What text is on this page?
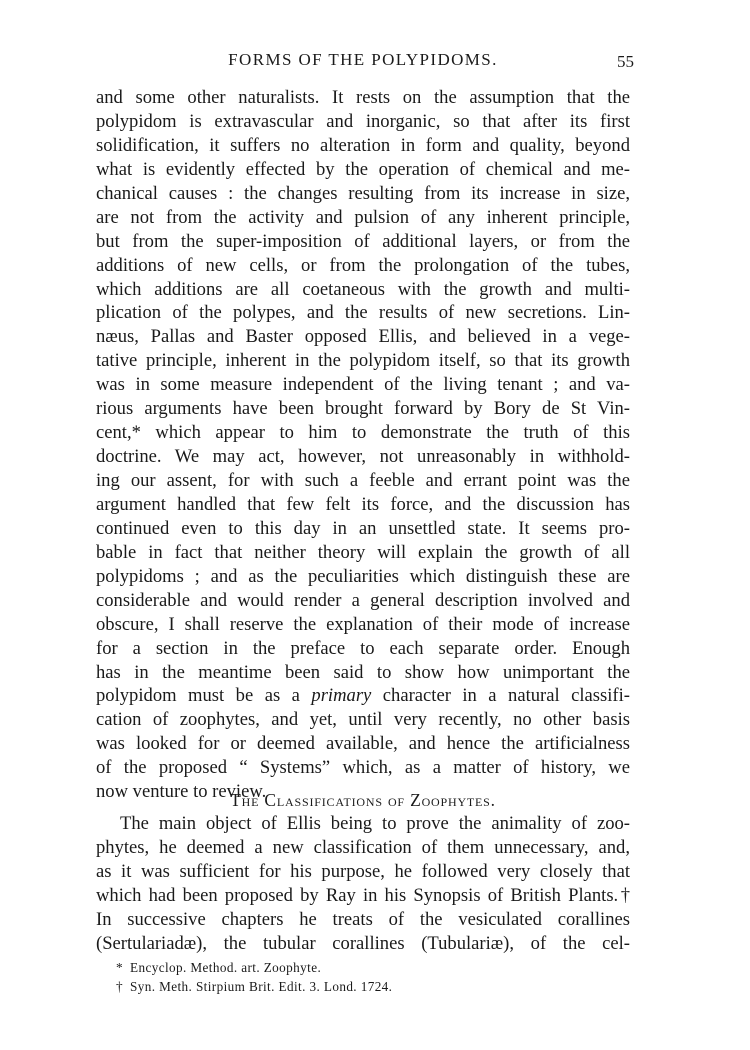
FORMS OF THE POLYPIDOMS.	55
and some other naturalists. It rests on the assumption that the
polypidom is extravascular and inorganic, so that after its first
solidification, it suffers no alteration in form and quality, beyond
what is evidently effected by the operation of chemical and me-
chanical causes : the changes resulting from its increase in size,
are not from the activity and pulsion of any inherent principle,
but from the super-imposition of additional layers, or from the
additions of new cells, or from the prolongation of the tubes,
which additions are all coetaneous with the growth and multi-
plication of the polypes, and the results of new secretions. Lin-
næus, Pallas and Baster opposed Ellis, and believed in a vege-
tative principle, inherent in the polypidom itself, so that its growth
was in some measure independent of the living tenant ; and va-
rious arguments have been brought forward by Bory de St Vin-
cent,* which appear to him to demonstrate the truth of this
doctrine. We may act, however, not unreasonably in withhold-
ing our assent, for with such a feeble and errant point was the
argument handled that few felt its force, and the discussion has
continued even to this day in an unsettled state. It seems pro-
bable in fact that neither theory will explain the growth of all
polypidoms ; and as the peculiarities which distinguish these are
considerable and would render a general description involved and
obscure, I shall reserve the explanation of their mode of increase
for a section in the preface to each separate order. Enough
has in the meantime been said to show how unimportant the
polypidom must be as a primary character in a natural classifi-
cation of zoophytes, and yet, until very recently, no other basis
was looked for or deemed available, and hence the artificialness
of the proposed “ Systems” which, as a matter of history, we
now venture to review.
The Classifications of Zoophytes.
The main object of Ellis being to prove the animality of zoo-
phytes, he deemed a new classification of them unnecessary, and,
as it was sufficient for his purpose, he followed very closely that
which had been proposed by Ray in his Synopsis of British Plants.†
In successive chapters he treats of the vesiculated corallines
(Sertulariadæ), the tubular corallines (Tubulariæ), of the cel-
* Encyclop. Method. art. Zoophyte.
† Syn. Meth. Stirpium Brit. Edit. 3. Lond. 1724.
